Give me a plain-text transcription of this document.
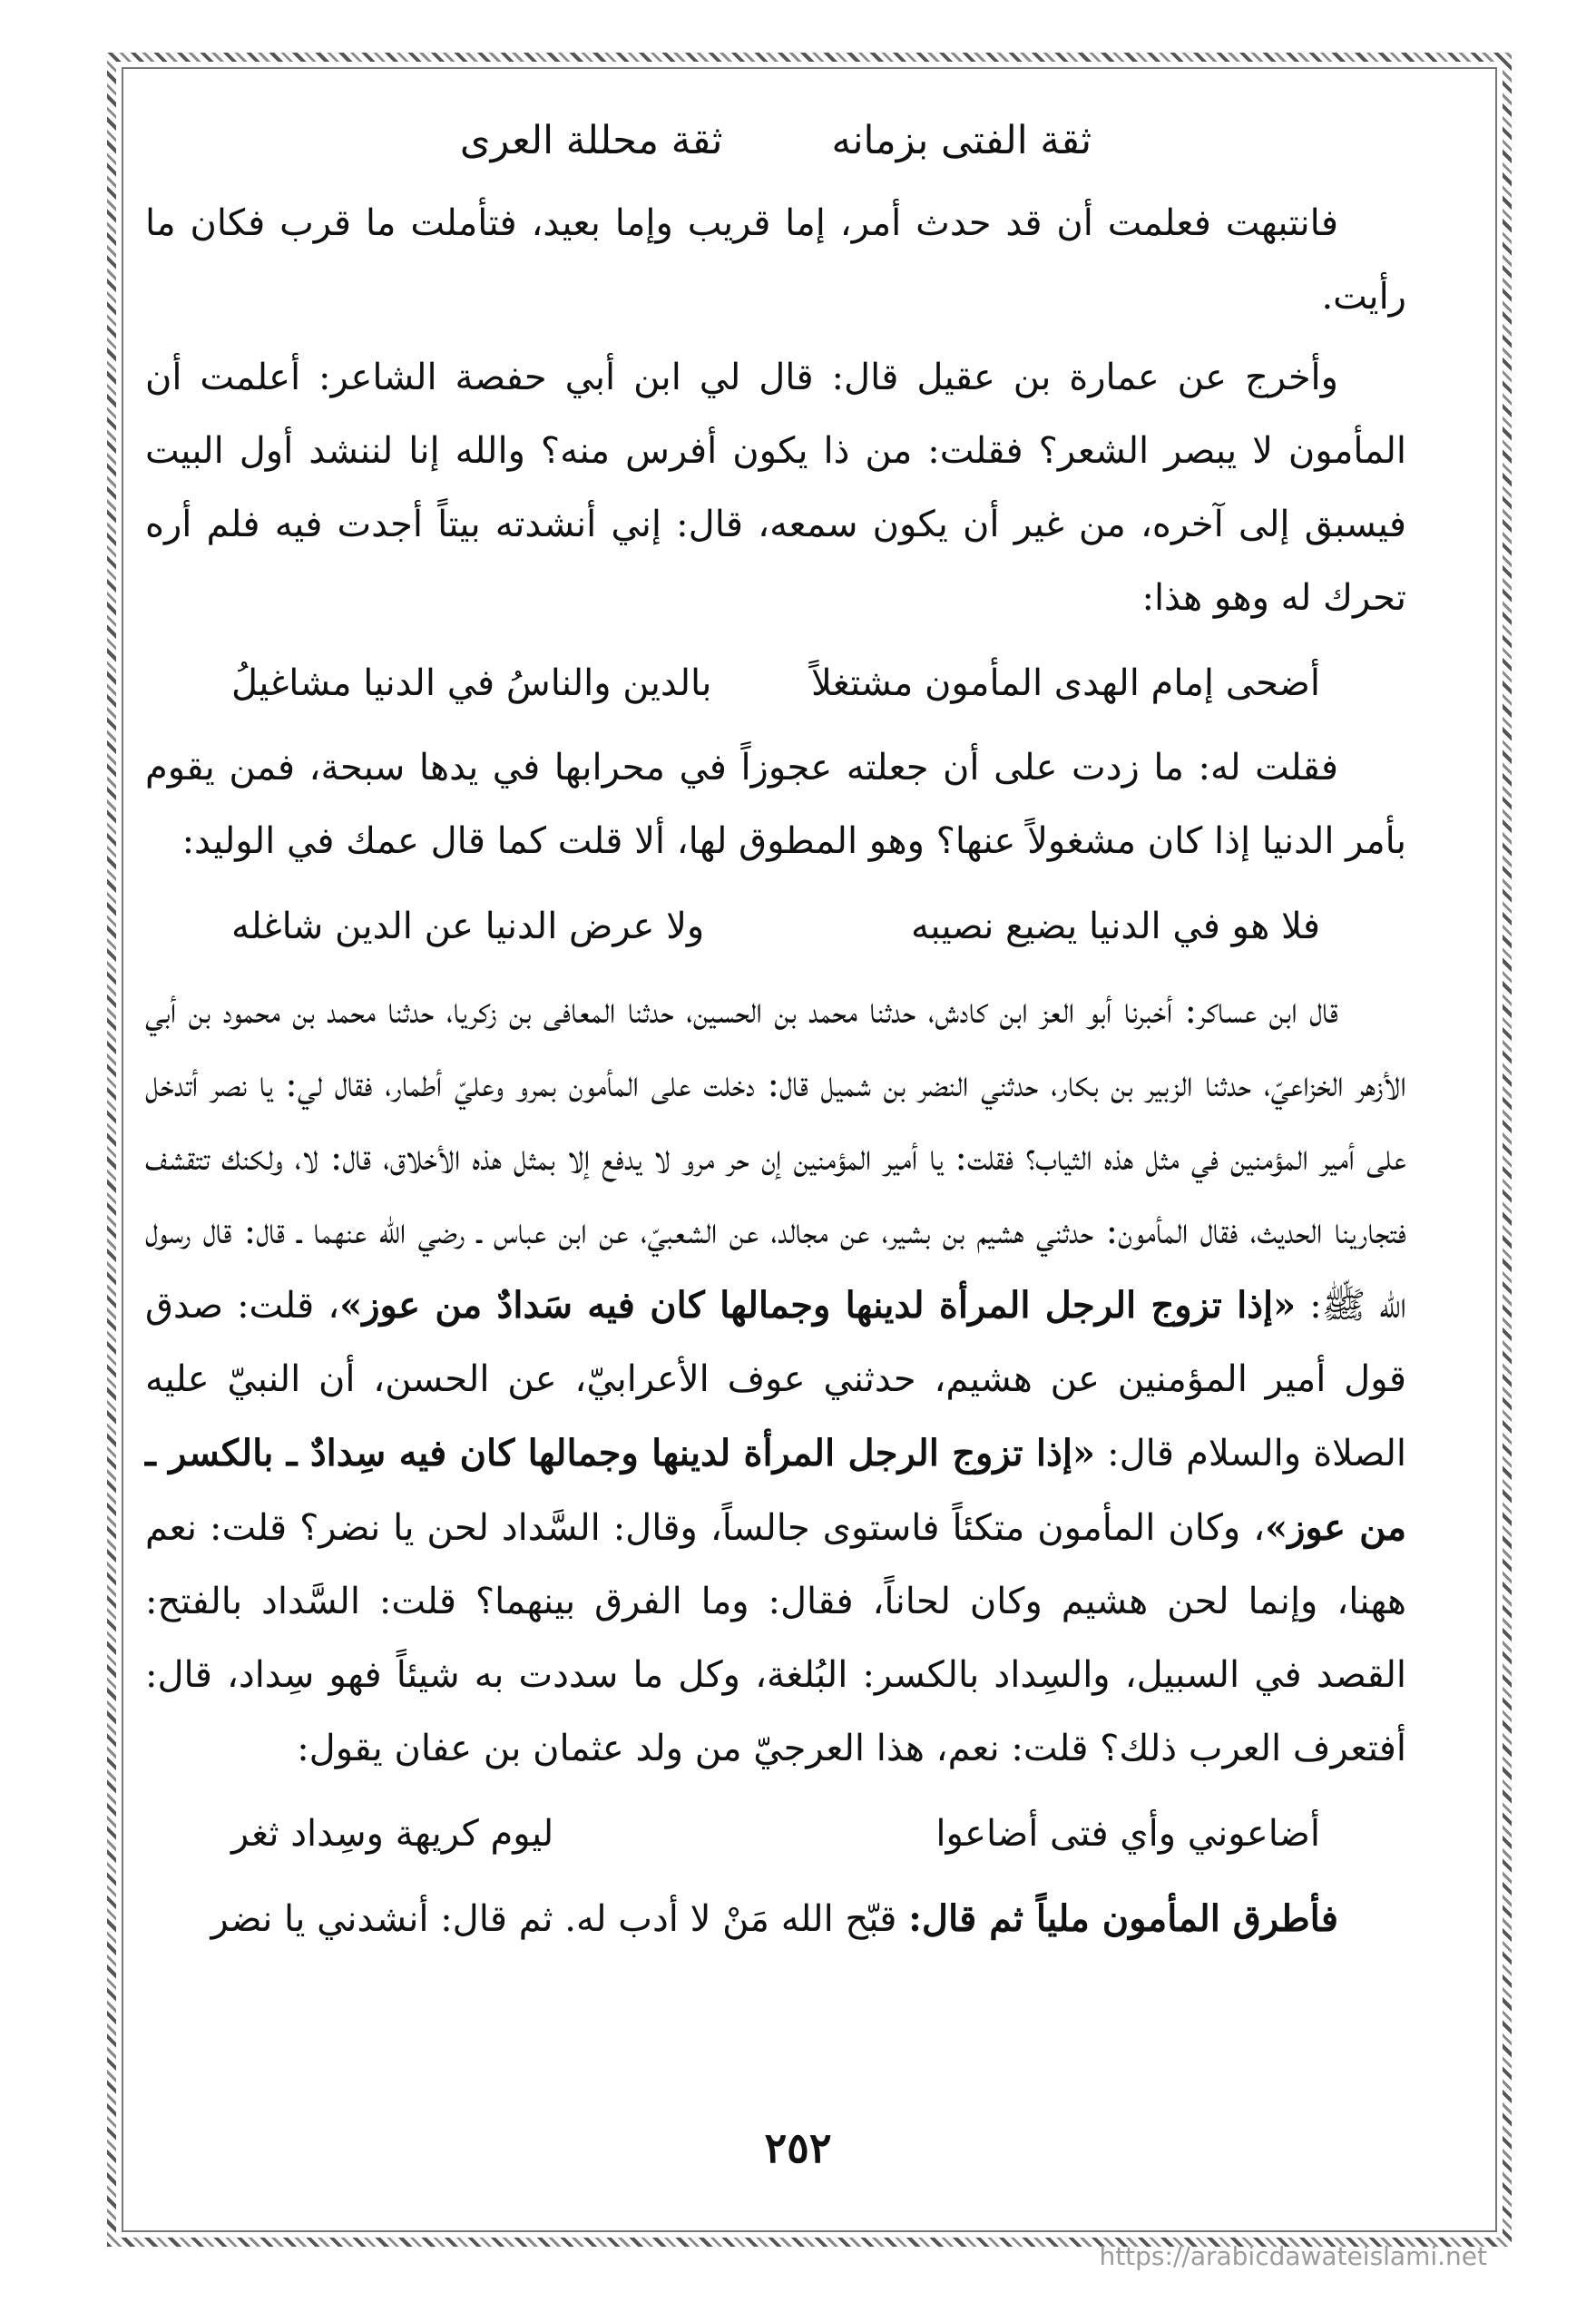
ثقة الفتى بزمانه
ثقة محللة العرى

فانتبهت فعلمت أن قد حدث أمر، إما قريب وإما بعيد، فتأملت ما قرب فكان ما رأيت.

وأخرج عن عمارة بن عقيل قال: قال لي ابن أبي حفصة الشاعر: أعلمت أن المأمون لا يبصر الشعر؟ فقلت: من ذا يكون أفرس منه؟ والله إنا لننشد أول البيت فيسبق إلى آخره، من غير أن يكون سمعه، قال: إني أنشدته بيتاً أجدت فيه فلم أره تحرك له وهو هذا:

أضحى إمام الهدى المأمون مشتغلاً
بالدين والناسُ في الدنيا مشاغيلُ

فقلت له: ما زدت على أن جعلته عجوزاً في محرابها في يدها سبحة، فمن يقوم بأمر الدنيا إذا كان مشغولاً عنها؟ وهو المطوق لها، ألا قلت كما قال عمك في الوليد:

فلا هو في الدنيا يضيع نصيبه
ولا عرض الدنيا عن الدين شاغله

قال ابن عساكر: أخبرنا أبو العز ابن كادش، حدثنا محمد بن الحسين، حدثنا المعافى بن زكريا، حدثنا محمد بن محمود بن أبي الأزهر الخزاعيّ، حدثنا الزبير بن بكار، حدثني النضر بن شميل قال: دخلت على المأمون بمرو وعليّ أطمار، فقال لي: يا نصر أتدخل على أمير المؤمنين في مثل هذه الثياب؟ فقلت: يا أمير المؤمنين إن حر مرو لا يدفع إلا بمثل هذه الأخلاق، قال: لا، ولكنك تتقشف فتجارينا الحديث، فقال المأمون: حدثني هشيم بن بشير، عن مجالد، عن الشعبيّ، عن ابن عباس ـ رضي الله عنهما ـ قال: قال رسول الله ﷺ: «إذا تزوج الرجل المرأة لدينها وجمالها كان فيه سَدادٌ من عوز»، قلت: صدق قول أمير المؤمنين عن هشيم، حدثني عوف الأعرابيّ، عن الحسن، أن النبيّ عليه الصلاة والسلام قال: «إذا تزوج الرجل المرأة لدينها وجمالها كان فيه سِدادٌ ـ بالكسر ـ من عوز»، وكان المأمون متكئاً فاستوى جالساً، وقال: السَّداد لحن يا نضر؟ قلت: نعم ههنا، وإنما لحن هشيم وكان لحاناً، فقال: وما الفرق بينهما؟ قلت: السَّداد بالفتح: القصد في السبيل، والسِداد بالكسر: البُلغة، وكل ما سددت به شيئاً فهو سِداد، قال: أفتعرف العرب ذلك؟ قلت: نعم، هذا العرجيّ من ولد عثمان بن عفان يقول:

أضاعوني وأي فتى أضاعوا
ليوم كريهة وسِداد ثغر

فأطرق المأمون ملياً ثم قال: قبّح الله مَنْ لا أدب له. ثم قال: أنشدني يا نضر

٢٥٢
https://arabicdawateislami.net
